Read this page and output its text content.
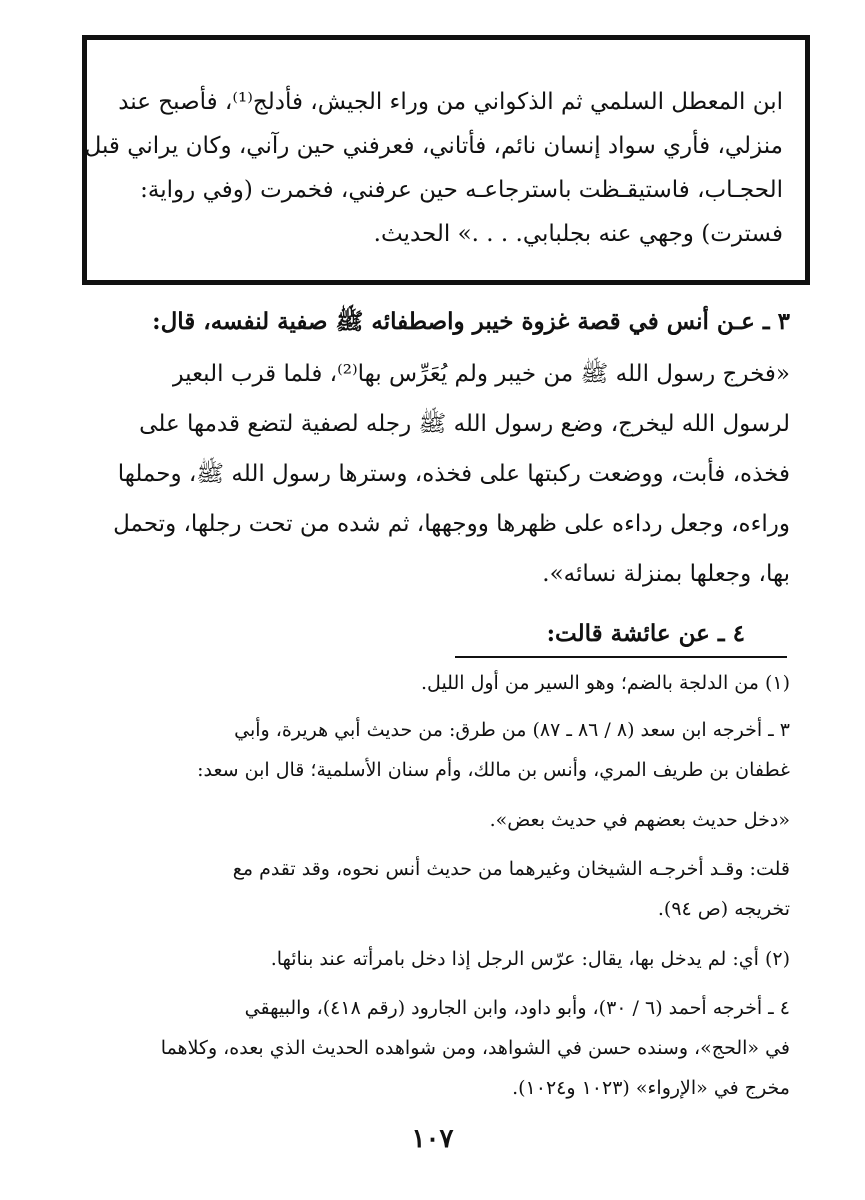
ابن المعطل السلمي ثم الذكواني من وراء الجيش، فأدلج⁽¹⁾، فأصبح عند
منزلي، فأري سواد إنسان نائم، فأتاني، فعرفني حين رآني، وكان يراني قبل
الحجـاب، فاستيقـظت باسترجاعـه حين عرفني، فخمرت (وفي رواية:
فسترت) وجهي عنه بجلبابي. . . .» الحديث.
٣ ـ عـن أنس في قصة غزوة خيبر واصطفائه ﷺ صفية لنفسه، قال:
«فخرج رسول الله ﷺ من خيبر ولم يُعَرِّس بها⁽²⁾، فلما قرب البعير
لرسول الله ليخرج، وضع رسول الله ﷺ رجله لصفية لتضع قدمها على
فخذه، فأبت، ووضعت ركبتها على فخذه، وسترها رسول الله ﷺ، وحملها
وراءه، وجعل رداءه على ظهرها ووجهها، ثم شده من تحت رجلها، وتحمل
بها، وجعلها بمنزلة نسائه».
٤ ـ عن عائشة قالت:
(١) من الدلجة بالضم؛ وهو السير من أول الليل.
٣ ـ أخرجه ابن سعد (٨ / ٨٦ ـ ٨٧) من طرق: من حديث أبي هريرة، وأبي
غطفان بن طريف المري، وأنس بن مالك، وأم سنان الأسلمية؛ قال ابن سعد:
«دخل حديث بعضهم في حديث بعض».
قلت: وقـد أخرجـه الشيخان وغيرهما من حديث أنس نحوه، وقد تقدم مع
تخريجه (ص ٩٤).
(٢) أي: لم يدخل بها، يقال: عرّس الرجل إذا دخل بامرأته عند بنائها.
٤ ـ أخرجه أحمد (٦ / ٣٠)، وأبو داود، وابن الجارود (رقم ٤١٨)، والبيهقي
في «الحج»، وسنده حسن في الشواهد، ومن شواهده الحديث الذي بعده، وكلاهما
مخرج في «الإرواء» (١٠٢٣ و١٠٢٤).
١٠٧
